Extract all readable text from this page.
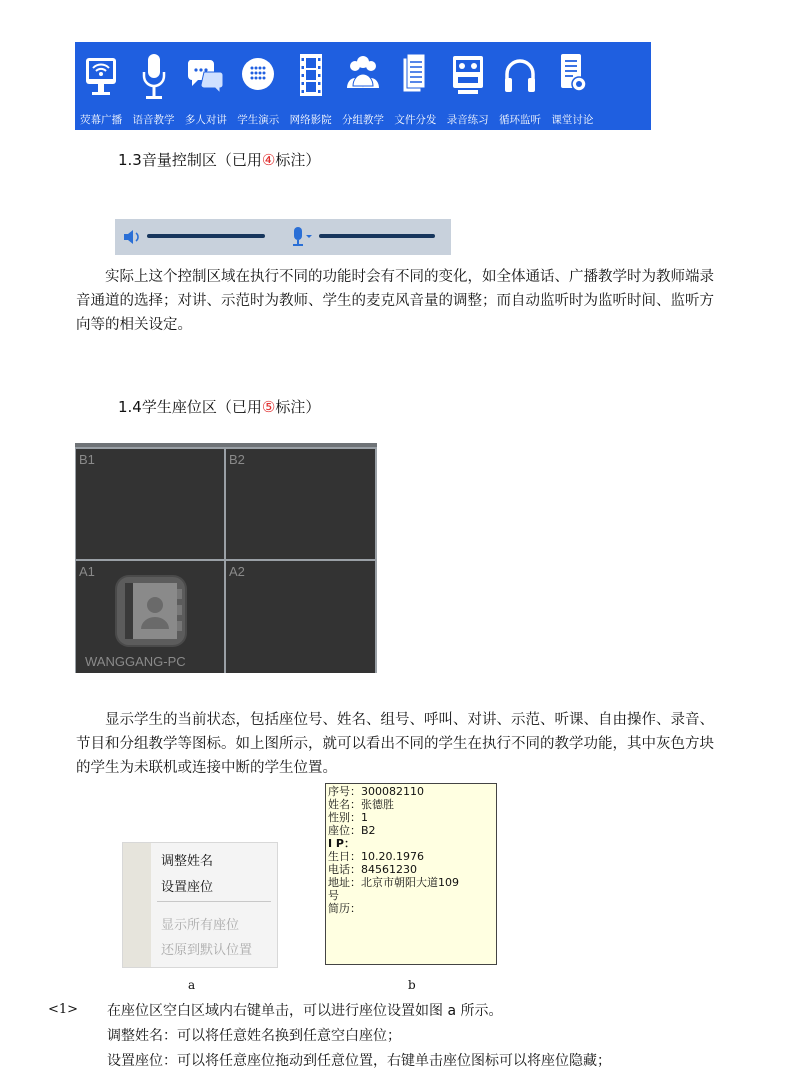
荧幕广播 语音教学 多人对讲 学生演示 网络影院 分组教学 文件分发 录音练习 循环监听 课堂讨论
1.3音量控制区（已用④标注）
实际上这个控制区域在执行不同的功能时会有不同的变化，如全体通话、广播教学时为教师端录音通道的选择；对讲、示范时为教师、学生的麦克风音量的调整；而自动监听时为监听时间、监听方向等的相关设定。
1.4学生座位区（已用⑤标注）
B1	B2
A1
WANGGANG-PC
A2
显示学生的当前状态，包括座位号、姓名、组号、呼叫、对讲、示范、听课、自由操作、录音、节目和分组教学等图标。如上图所示，就可以看出不同的学生在执行不同的教学功能，其中灰色方块的学生为未联机或连接中断的学生位置。
调整姓名
设置座位
显示所有座位
还原到默认位置
a
序号：300082110
姓名：张德胜
性别：1
座位：B2
I P：
生日：10.20.1976
电话：84561230
地址：北京市朝阳大道109
号
简历：
b
<1> 在座位区空白区域内右键单击，可以进行座位设置如图 a 所示。
调整姓名：可以将任意姓名换到任意空白座位；
设置座位：可以将任意座位拖动到任意位置，右键单击座位图标可以将座位隐藏；
